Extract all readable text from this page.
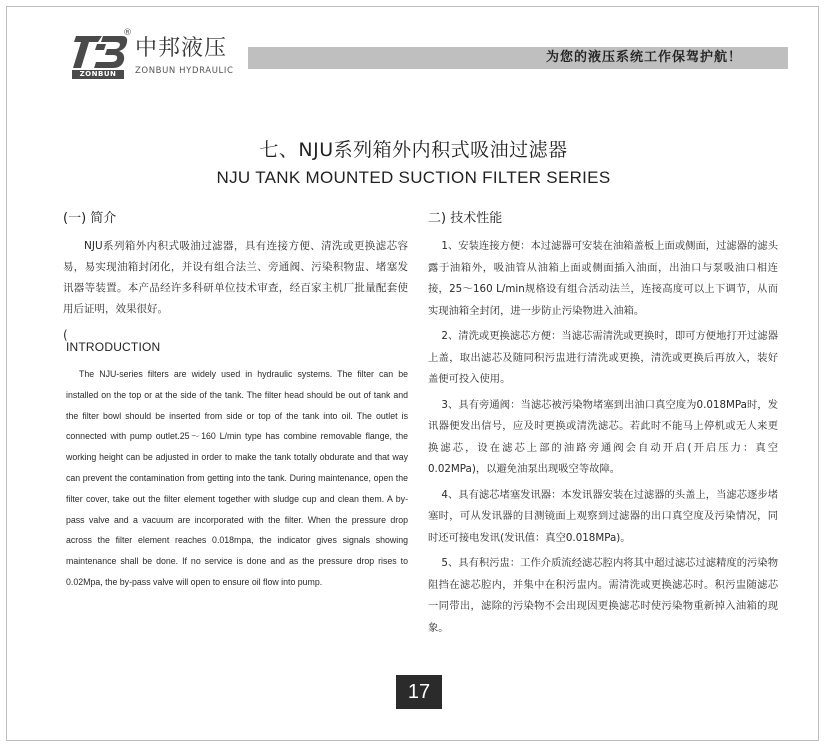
®
ZONBUN
中邦液压
ZONBUN HYDRAULIC
为您的液压系统工作保驾护航！
七、NJU系列箱外内积式吸油过滤器
NJU TANK MOUNTED SUCTION FILTER SERIES
(一) 简介

NJU系列箱外内积式吸油过滤器，具有连接方便、清洗或更换滤芯容易，易实现油箱封闭化，并设有组合法兰、旁通阀、污染积物盅、堵塞发讯器等装置。本产品经许多科研单位技术审查，经百家主机厂批量配套使用后证明，效果很好。

(
INTRODUCTION

The NJU-series filters are widely used in hydraulic systems. The filter can be installed on the top or at the side of the tank. The filter head should be out of tank and the filter bowl should be inserted from side or top of the tank into oil. The outlet is connected with pump outlet.25～160 L/min type has combine removable flange, the working height can be adjusted in order to make the tank totally obdurate and that way can prevent the contamination from getting into the tank. During maintenance, open the filter cover, take out the filter element together with sludge cup and clean them. A by-pass valve and a vacuum are incorporated with the filter. When the pressure drop across the filter element reaches 0.018mpa, the indicator gives signals showing maintenance shall be done. If no service is done and as the pressure drop rises to 0.02Mpa, the by-pass valve will open to ensure oil flow into pump.

二) 技术性能

1、安装连接方便：本过滤器可安装在油箱盖板上面或侧面，过滤器的滤头露于油箱外，吸油管从油箱上面或侧面插入油面，出油口与泵吸油口相连接，25～160 L/min规格设有组合活动法兰，连接高度可以上下调节，从而实现油箱全封闭，进一步防止污染物进入油箱。

2、清洗或更换滤芯方便：当滤芯需清洗或更换时，即可方便地打开过滤器上盖，取出滤芯及随同积污盅进行清洗或更换，清洗或更换后再放入，装好盖便可投入使用。

3、具有旁通阀：当滤芯被污染物堵塞到出油口真空度为0.018MPa时，发讯器便发出信号，应及时更换或清洗滤芯。若此时不能马上停机或无人来更换滤芯，设在滤芯上部的油路旁通阀会自动开启(开启压力：真空0.02MPa)，以避免油泵出现吸空等故障。

4、具有滤芯堵塞发讯器：本发讯器安装在过滤器的头盖上，当滤芯逐步堵塞时，可从发讯器的目测镜面上观察到过滤器的出口真空度及污染情况，同时还可接电发讯(发讯值：真空0.018MPa)。

5、具有积污盅：工作介质流经滤芯腔内将其中超过滤芯过滤精度的污染物阻挡在滤芯腔内，并集中在积污盅内。需清洗或更换滤芯时。积污盅随滤芯一同带出，滤除的污染物不会出现因更换滤芯时使污染物重新掉入油箱的现象。

17
